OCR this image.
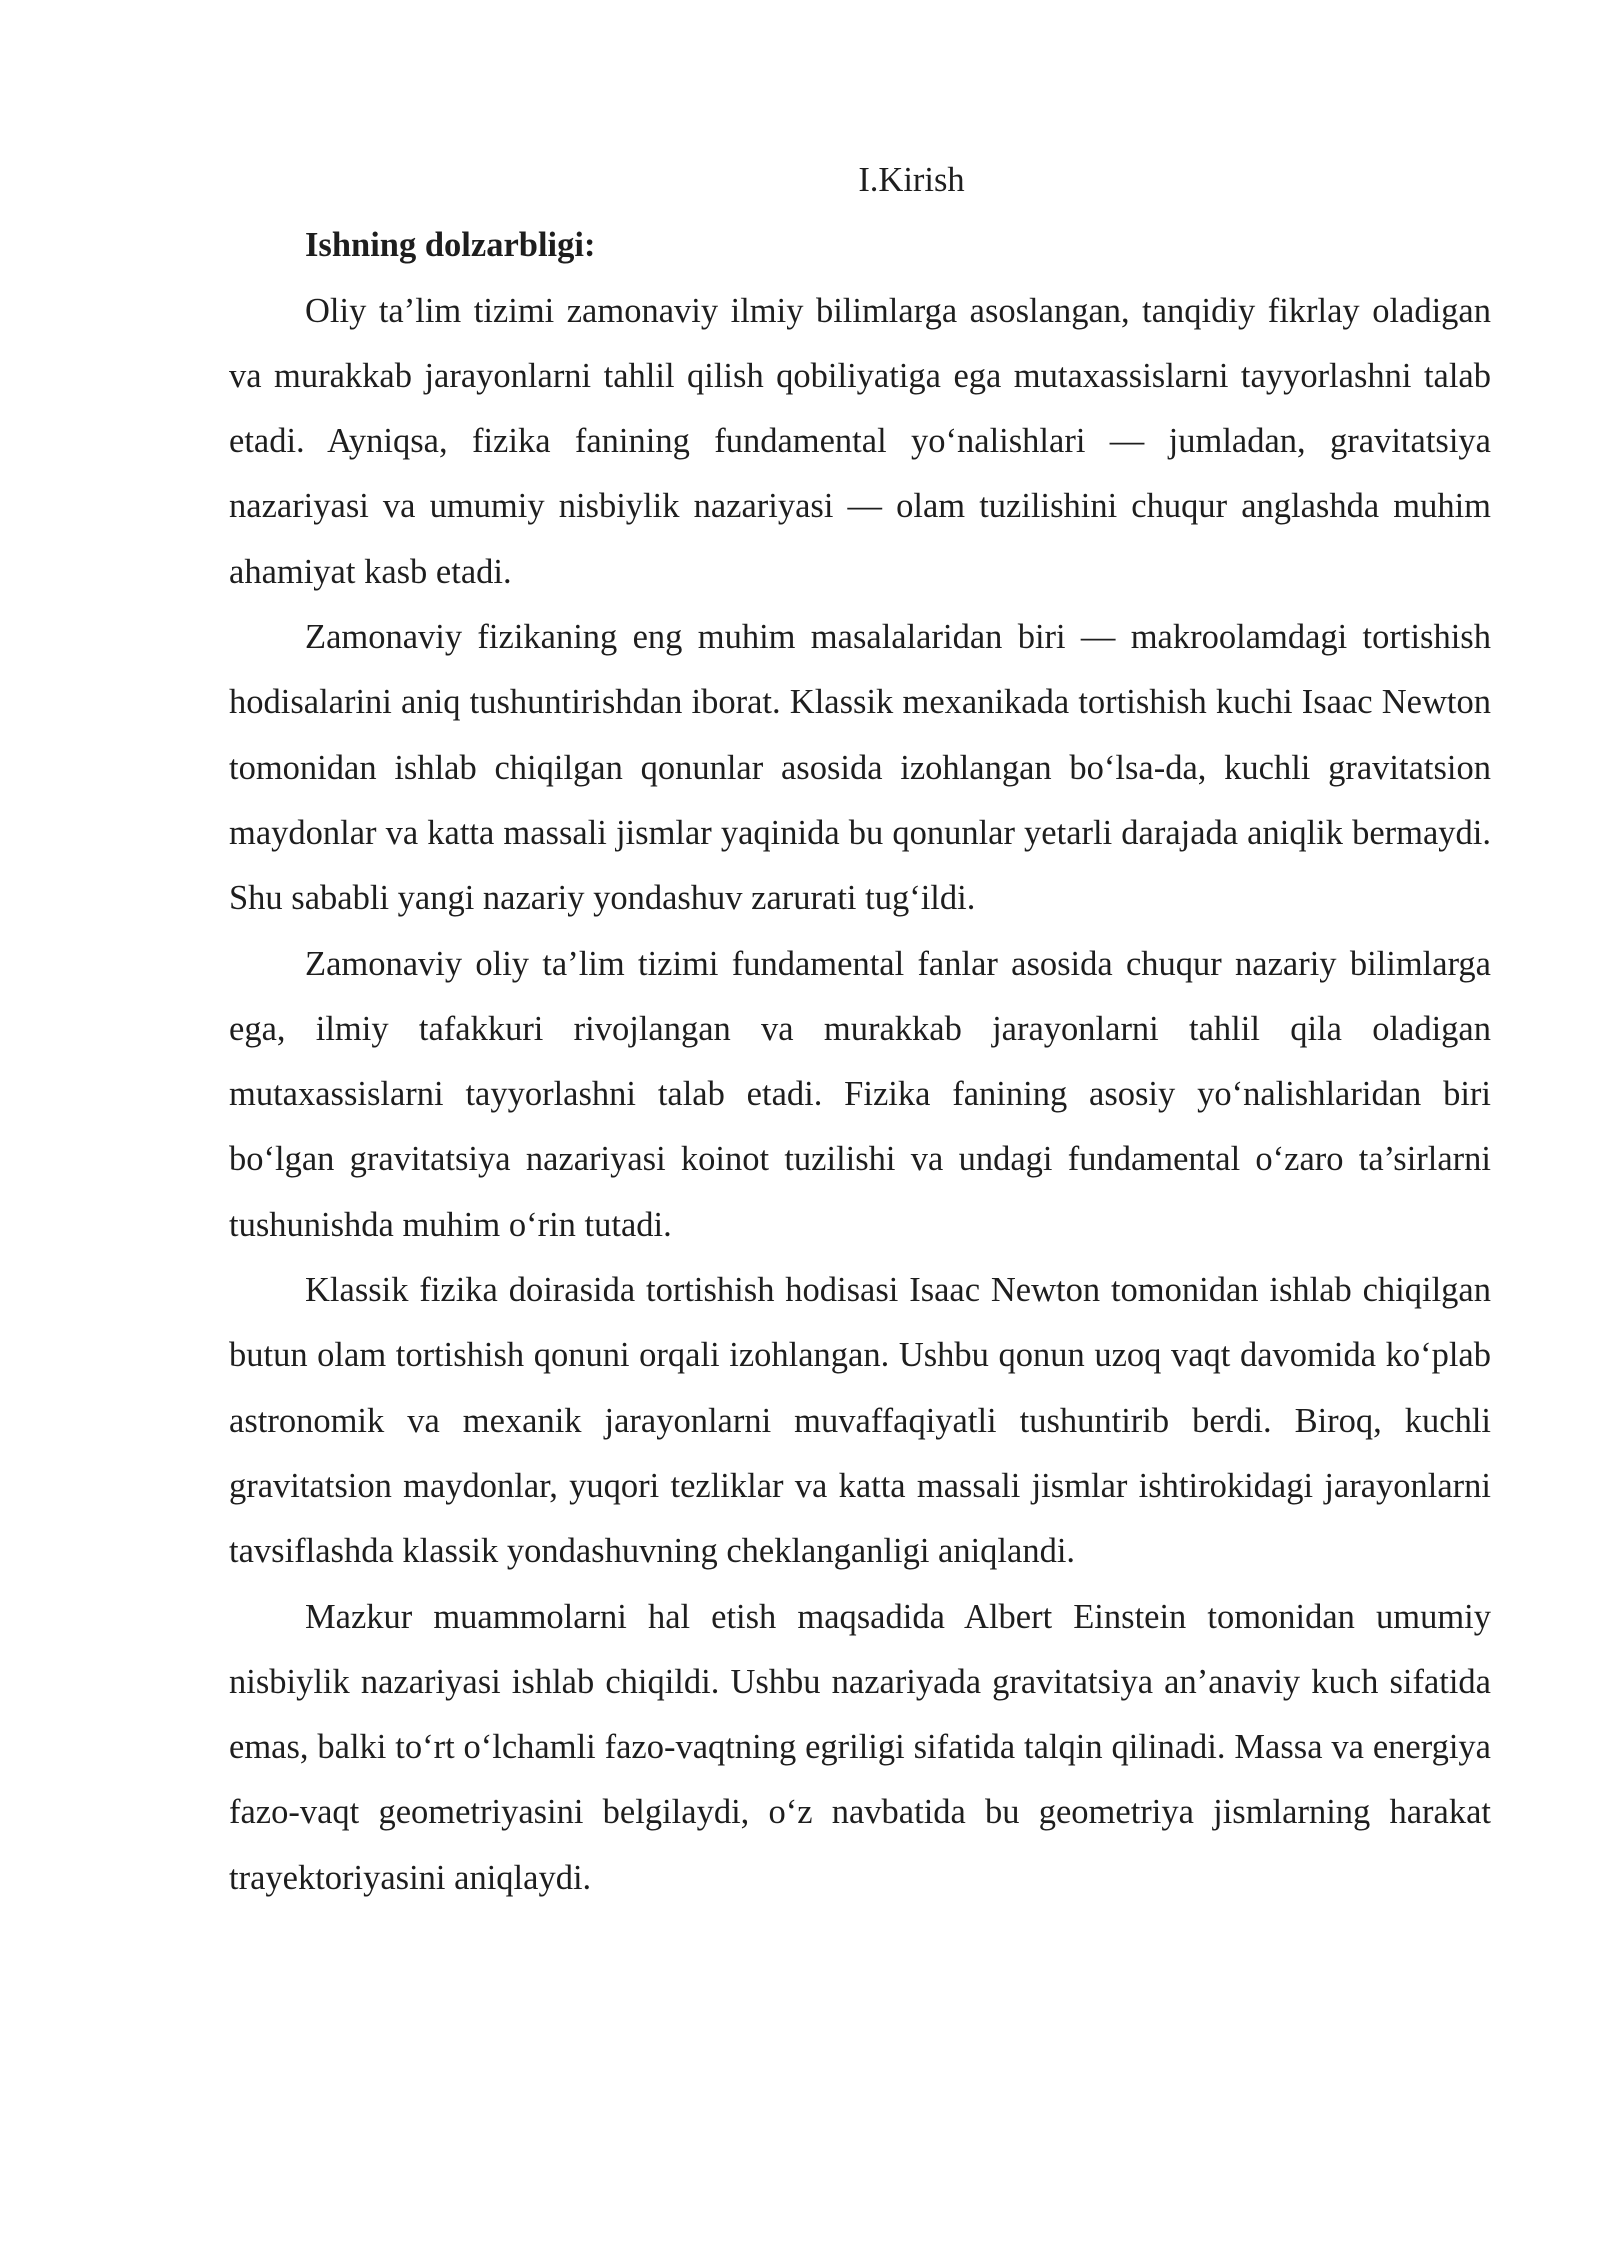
I.Kirish
Ishning dolzarbligi:

Oliy ta’lim tizimi zamonaviy ilmiy bilimlarga asoslangan, tanqidiy fikrlay oladigan va murakkab jarayonlarni tahlil qilish qobiliyatiga ega mutaxassislarni tayyorlashni talab etadi. Ayniqsa, fizika fanining fundamental yo‘nalishlari — jumladan, gravitatsiya nazariyasi va umumiy nisbiylik nazariyasi — olam tuzilishini chuqur anglashda muhim ahamiyat kasb etadi.

Zamonaviy fizikaning eng muhim masalalaridan biri — makroolamdagi tortishish hodisalarini aniq tushuntirishdan iborat. Klassik mexanikada tortishish kuchi Isaac Newton tomonidan ishlab chiqilgan qonunlar asosida izohlangan bo‘lsa-da, kuchli gravitatsion maydonlar va katta massali jismlar yaqinida bu qonunlar yetarli darajada aniqlik bermaydi. Shu sababli yangi nazariy yondashuv zarurati tug‘ildi.

Zamonaviy oliy ta’lim tizimi fundamental fanlar asosida chuqur nazariy bilimlarga ega, ilmiy tafakkuri rivojlangan va murakkab jarayonlarni tahlil qila oladigan mutaxassislarni tayyorlashni talab etadi. Fizika fanining asosiy yo‘nalishlaridan biri bo‘lgan gravitatsiya nazariyasi koinot tuzilishi va undagi fundamental o‘zaro ta’sirlarni tushunishda muhim o‘rin tutadi.

Klassik fizika doirasida tortishish hodisasi Isaac Newton tomonidan ishlab chiqilgan butun olam tortishish qonuni orqali izohlangan. Ushbu qonun uzoq vaqt davomida ko‘plab astronomik va mexanik jarayonlarni muvaffaqiyatli tushuntirib berdi. Biroq, kuchli gravitatsion maydonlar, yuqori tezliklar va katta massali jismlar ishtirokidagi jarayonlarni tavsiflashda klassik yondashuvning cheklanganligi aniqlandi.

Mazkur muammolarni hal etish maqsadida Albert Einstein tomonidan umumiy nisbiylik nazariyasi ishlab chiqildi. Ushbu nazariyada gravitatsiya an’anaviy kuch sifatida emas, balki to‘rt o‘lchamli fazo-vaqtning egriligi sifatida talqin qilinadi. Massa va energiya fazo-vaqt geometriyasini belgilaydi, o‘z navbatida bu geometriya jismlarning harakat trayektoriyasini aniqlaydi.
